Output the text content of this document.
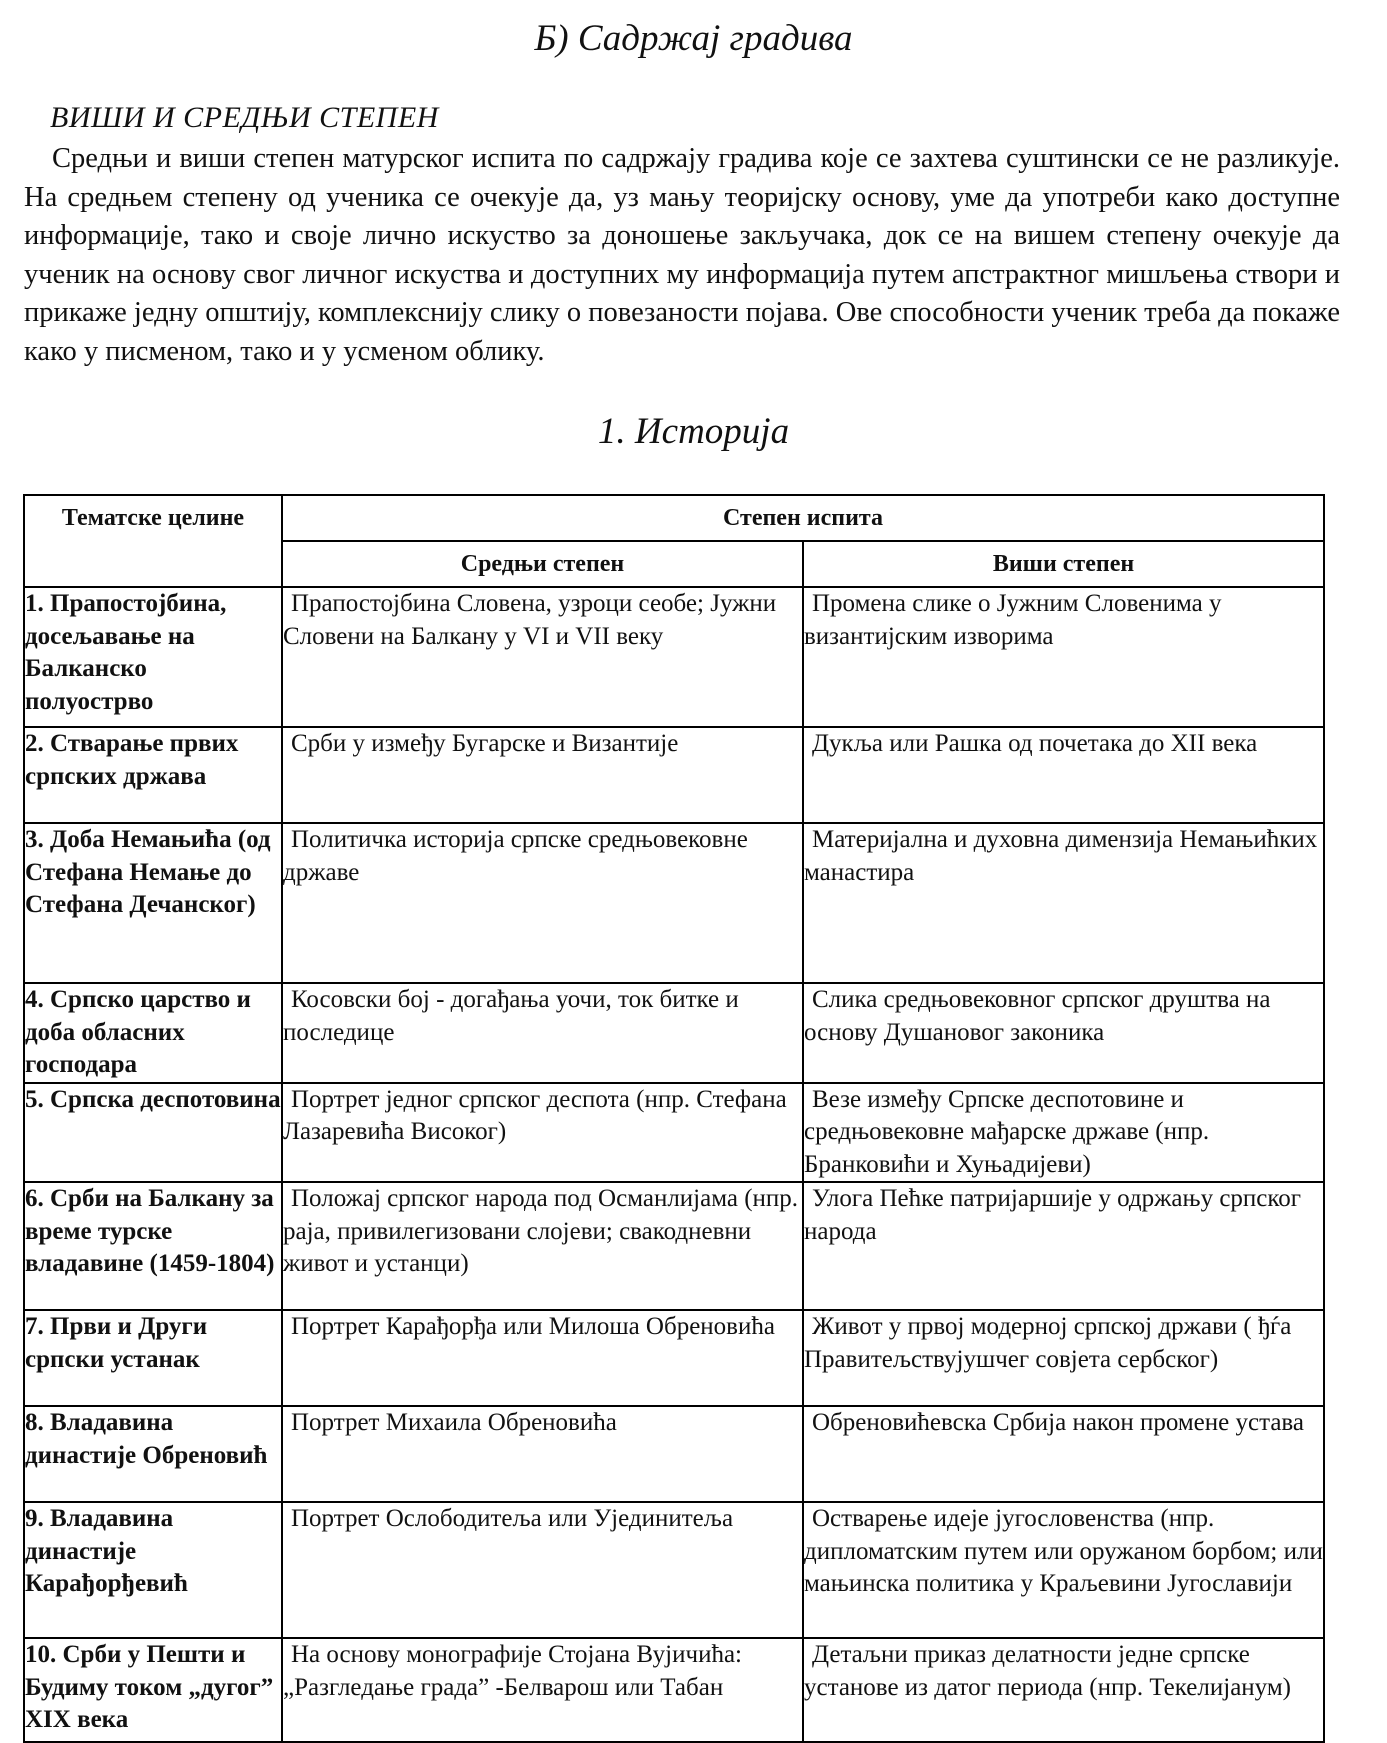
Б) Садржај градива
ВИШИ И СРЕДЊИ СТЕПЕН

Средњи и виши степен матурског испита по садржају градива које се захтева суштински се не разликује. На средњем степену од ученика се очекује да, уз мању теоријску основу, уме да употреби како доступне информације, тако и своје лично искуство за доношење закључака, док се на вишем степену очекује да ученик на основу свог личног искуства и доступних му информација путем апстрактног мишљења створи и прикаже једну општију, комплекснију слику о повезаности појава. Ове способности ученик треба да покаже како у писменом, тако и у усменом облику.

1. Историја
Тематске целине	Степен испита	
	Средњи степен	Виши степен
1. Прапостојбина, досељавање на Балканско полуострво	Прапостојбина Словена, узроци сеобе; Јужни Словени на Балкану у VI и VII веку	Промена слике о Јужним Словенима у византијским изворима

2. Стварање првих српских држава	Срби у између Бугарске и Византије	Дукља или Рашка од почетака до XII века

3. Доба Немањића (од Стефана Немање до Стефана Дечанског)	Политичка историја српске средњовековне државе	Материјална и духовна димензија Немањићких манастира

4. Српско царство и доба обласних господара	Косовски бој - догађања уочи, ток битке и последице	Слика средњовековног српског друштва на основу Душановог законика

5. Српска деспотовина	Портрет једног српског деспота (нпр. Стефана Лазаревића Високог)	Везе између Српске деспотовине и средњовековне мађарске државе (нпр. Бранковићи и Хуњадијеви)

6. Срби на Балкану за време турске владавине (1459-1804)	Положај српског народа под Османлијама (нпр. раја, привилегизовани слојеви; свакодневни живот и устанци)	Улога Пећке патријаршије у одржању српског народа

7. Први и Други српски устанак	Портрет Карађорђа или Милоша Обреновића	Живот у првој модерној српској држави ( ђѓа Правитељствујушчег совјета сербског)

8. Владавина династије Обреновић	Портрет Михаила Обреновића	Обреновићевска Србија након промене устава

9. Владавина династије Карађорђевић	Портрет Ослободитеља или Ујединитеља	Остварење идеје југословенства (нпр. дипломатским путем или оружаном борбом; или мањинска политика у Краљевини Југославији

10. Срби у Пешти и Будиму током „дугог” XIX века	На основу монографије Стојана Вујичића: „Разгледање града” -Белварош или Табан	Детаљни приказ делатности једне српске установе из датог периода (нпр. Текелијанум)
